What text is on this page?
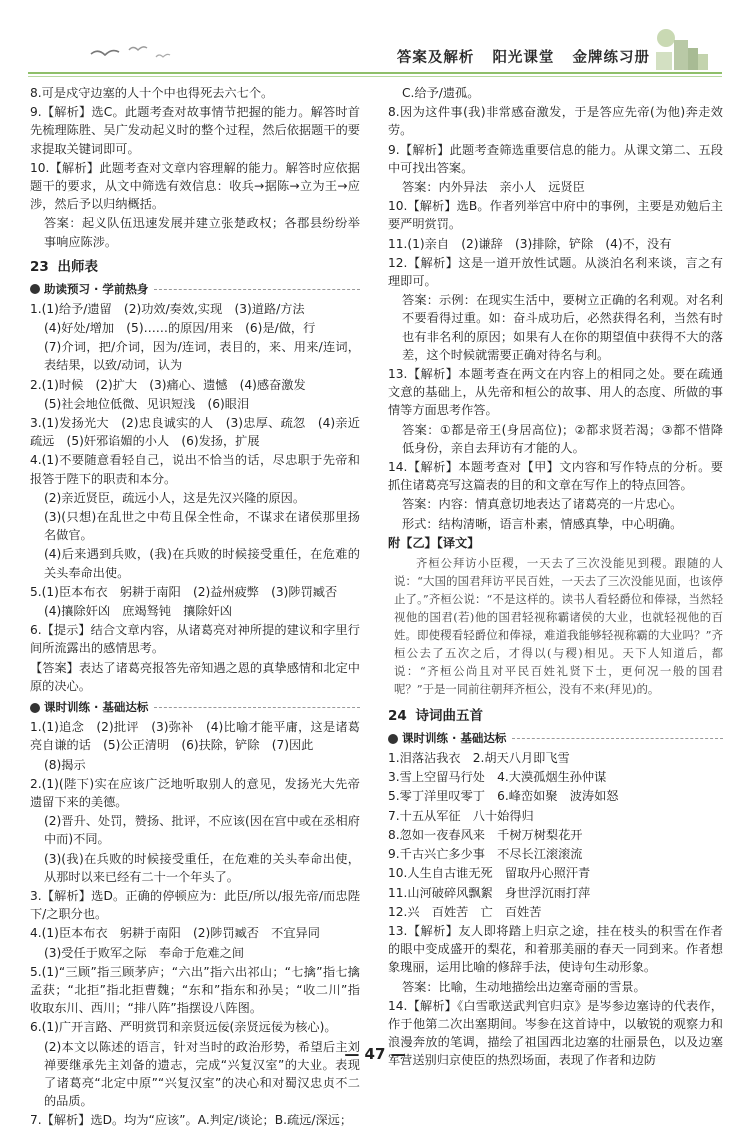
答案及解析 阳光课堂 金牌练习册

8.可是戍守边塞的人十个中也得死去六七个。

9.【解析】选C。此题考查对故事情节把握的能力。解答时首先梳理陈胜、吴广发动起义时的整个过程，然后依据题干的要求提取关键词即可。

10.【解析】此题考查对文章内容理解的能力。解答时应依据题干的要求，从文中筛选有效信息：收兵→据陈→立为王→应涉，然后予以归纳概括。

答案：起义队伍迅速发展并建立张楚政权；各郡县纷纷举事响应陈涉。

23 出师表
助读预习 · 学前热身

1.(1)给予/遗留　(2)功效/奏效,实现　(3)道路/方法

(4)好处/增加　(5)……的原因/用来　(6)是/做，行

(7)介词，把/介词，因为/连词，表目的，来、用来/连词，表结果，以致/动词，认为

2.(1)时候　(2)扩大　(3)痛心、遗憾　(4)感奋激发

(5)社会地位低微、见识短浅　(6)眼泪

3.(1)发扬光大　(2)忠良诚实的人　(3)忠厚、疏忽　(4)亲近　疏远　(5)奸邪谄媚的小人　(6)发扬，扩展

4.(1)不要随意看轻自己，说出不恰当的话，尽忠职于先帝和报答于陛下的职责和本分。

(2)亲近贤臣，疏远小人，这是先汉兴隆的原因。

(3)(只想)在乱世之中苟且保全性命，不谋求在诸侯那里扬名做官。

(4)后来遇到兵败，(我)在兵败的时候接受重任，在危难的关头奉命出使。

5.(1)臣本布衣　躬耕于南阳　(2)益州疲弊　(3)陟罚臧否

(4)攘除奸凶　庶竭驽钝　攘除奸凶

6.【提示】结合文章内容，从诸葛亮对神所提的建议和字里行间所流露出的感情思考。

【答案】表达了诸葛亮报答先帝知遇之恩的真挚感情和北定中原的决心。

课时训练 · 基础达标

1.(1)追念　(2)批评　(3)弥补　(4)比喻才能平庸，这是诸葛亮自谦的话　(5)公正清明　(6)扶除，铲除　(7)因此

(8)揭示

2.(1)(陛下)实在应该广泛地听取别人的意见，发扬光大先帝遗留下来的美德。

(2)晋升、处罚，赞扬、批评，不应该(因在宫中或在丞相府中而)不同。

(3)(我)在兵败的时候接受重任，在危难的关头奉命出使，从那时以来已经有二十一个年头了。

3.【解析】选D。正确的停顿应为：此臣/所以/报先帝/而忠陛下/之职分也。

4.(1)臣本布衣　躬耕于南阳　(2)陟罚臧否　不宜异同

(3)受任于败军之际　奉命于危难之间

5.(1)“三顾”指三顾茅庐；“六出”指六出祁山；“七擒”指七擒孟获；“北拒”指北拒曹魏；“东和”指东和孙吴；“收二川”指收取东川、西川；“排八阵”指摆设八阵图。

6.(1)广开言路、严明赏罚和亲贤远佞(亲贤远佞为核心)。

(2)本文以陈述的语言，针对当时的政治形势，希望后主刘禅要继承先主刘备的遗志，完成“兴复汉室”的大业。表现了诸葛亮“北定中原”“兴复汉室”的决心和对蜀汉忠贞不二的品质。

7.【解析】选D。均为“应该”。A.判定/谈论；B.疏远/深远；

C.给予/遗孤。

8.因为这件事(我)非常感奋激发，于是答应先帝(为他)奔走效劳。

9.【解析】此题考查筛选重要信息的能力。从课文第二、五段中可找出答案。

答案：内外异法　亲小人　远贤臣

10.【解析】选B。作者列举宫中府中的事例，主要是劝勉后主要严明赏罚。

11.(1)亲自　(2)谦辞　(3)排除，铲除　(4)不，没有

12.【解析】这是一道开放性试题。从淡泊名利来谈，言之有理即可。

答案：示例：在现实生活中，要树立正确的名利观。对名利不要看得过重。如：奋斗成功后，必然获得名利，当然有时也有非名利的原因；如果有人在你的期望值中获得不大的落差，这个时候就需要正确对待名与利。

13.【解析】本题考查在两文在内容上的相同之处。要在疏通文意的基础上，从先帝和桓公的故事、用人的态度、所做的事情等方面思考作答。

答案：①都是帝王(身居高位)；②都求贤若渴；③都不惜降低身份，亲自去拜访有才能的人。

14.【解析】本题考查对【甲】文内容和写作特点的分析。要抓住诸葛亮写这篇表的目的和文章在写作上的特点回答。

答案：内容：情真意切地表达了诸葛亮的一片忠心。

形式：结构清晰，语言朴素，情感真挚，中心明确。

附【乙】【译文】

齐桓公拜访小臣稷，一天去了三次没能见到稷。跟随的人说：“大国的国君拜访平民百姓，一天去了三次没能见面，也该停止了。”齐桓公说：“不是这样的。读书人看轻爵位和俸禄，当然轻视他的国君(若)他的国君轻视称霸诸侯的大业，也就轻视他的百姓。即使稷看轻爵位和俸禄，难道我能够轻视称霸的大业吗？”齐桓公去了五次之后，才得以(与稷)相见。天下人知道后，都说：“齐桓公尚且对平民百姓礼贤下士，更何况一般的国君呢？”于是一同前往朝拜齐桓公，没有不来(拜见)的。

24 诗词曲五首
课时训练 · 基础达标

1.泪落沾我衣　2.胡天八月即飞雪

3.雪上空留马行处　4.大漠孤烟生孙仲谋

5.零丁洋里叹零丁　6.峰峦如聚　波涛如怒

7.十五从军征　八十始得归

8.忽如一夜春风来　千树万树梨花开

9.千古兴亡多少事　不尽长江滚滚流

10.人生自古谁无死　留取丹心照汗青

11.山河破碎风飘絮　身世浮沉雨打萍

12.兴　百姓苦　亡　百姓苦

13.【解析】友人即将踏上归京之途，挂在枝头的积雪在作者的眼中变成盛开的梨花，和着那美丽的春天一同到来。作者想象瑰丽，运用比喻的修辞手法，使诗句生动形象。

答案：比喻，生动地描绘出边塞奇丽的雪景。

14.【解析】《白雪歌送武判官归京》是岑参边塞诗的代表作，作于他第二次出塞期间。岑参在这首诗中，以敏锐的观察力和浪漫奔放的笔调，描绘了祖国西北边塞的壮丽景色，以及边塞军营送别归京使臣的热烈场面，表现了作者和边防

— 47 —
